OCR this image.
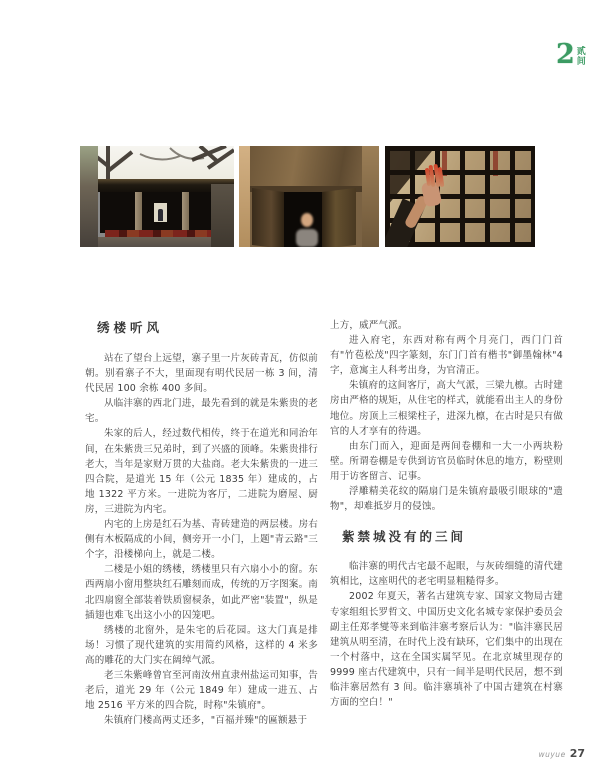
2 贰
间
绣楼听风

站在了望台上远望，寨子里一片灰砖青瓦，仿似前朝。别看寨子不大，里面现有明代民居一栋 3 间，清代民居 100 余栋 400 多间。

从临沣寨的西北门进，最先看到的就是朱紫贵的老宅。

朱家的后人，经过数代相传，终于在道光和同治年间，在朱紫贵三兄弟时，到了兴盛的顶峰。朱紫贵排行老大，当年是家财万贯的大盐商。老大朱紫贵的一进三四合院，是道光 15 年（公元 1835 年）建成的，占地 1322 平方米。一进院为客厅，二进院为磨屋、厨房，三进院为内宅。

内宅的上房是红石为基、青砖建造的两层楼。房右侧有木板隔成的小间，侧旁开一小门，上题"青云路"三个字，沿楼梯向上，就是二楼。

二楼是小姐的绣楼，绣楼里只有六扇小小的窗。东西两扇小窗用整块红石雕刻而成，传统的万字图案。南北四扇窗全部装着铁质窗棂条，如此严密"装置"，纵是插翅也难飞出这小小的囚笼吧。

绣楼的北窗外，是朱宅的后花园。这大门真是排场！习惯了现代建筑的实用简约风格，这样的 4 米多高的雕花的大门实在阔绰气派。

老三朱紫峰曾官至河南汝州直隶州盐运司知事，告老后，道光 29 年（公元 1849 年）建成一进五、占地 2516 平方米的四合院，时称"朱镇府"。

朱镇府门楼高两丈还多，"百福并臻"的匾额悬于

上方，威严气派。

进入府宅，东西对称有两个月亮门，西门门首有"竹苞松茂"四字篆刻，东门门首有楷书"御墨翰林"4 字，意寓主人科考出身，为官清正。

朱镇府的这间客厅，高大气派，三梁九檩。古时建房由严格的规矩，从住宅的样式，就能看出主人的身份地位。房顶上三根梁柱子，进深九檩，在古时是只有做官的人才享有的待遇。

由东门而入，迎面是两间卷棚和一大一小两块粉壁。所谓卷棚是专供到访官员临时休息的地方，粉壁则用于访客留言、记事。

浮雕精美花纹的隔扇门是朱镇府最吸引眼球的"遗物"，却难抵岁月的侵蚀。

紫禁城没有的三间

临沣寨的明代古宅最不起眼，与灰砖细缝的清代建筑相比，这座明代的老宅明显粗糙得多。

2002 年夏天，著名古建筑专家、国家文物局古建专家组组长罗哲文、中国历史文化名城专家保护委员会副主任郑孝燮等来到临沣寨考察后认为："临沣寨民居建筑从明至清，在时代上没有缺环，它们集中的出现在一个村落中，这在全国实属罕见。在北京城里现存的 9999 座古代建筑中，只有一间半是明代民居，想不到临沣寨居然有 3 间。临沣寨填补了中国古建筑在村寨方面的空白！"

wuyue 27
